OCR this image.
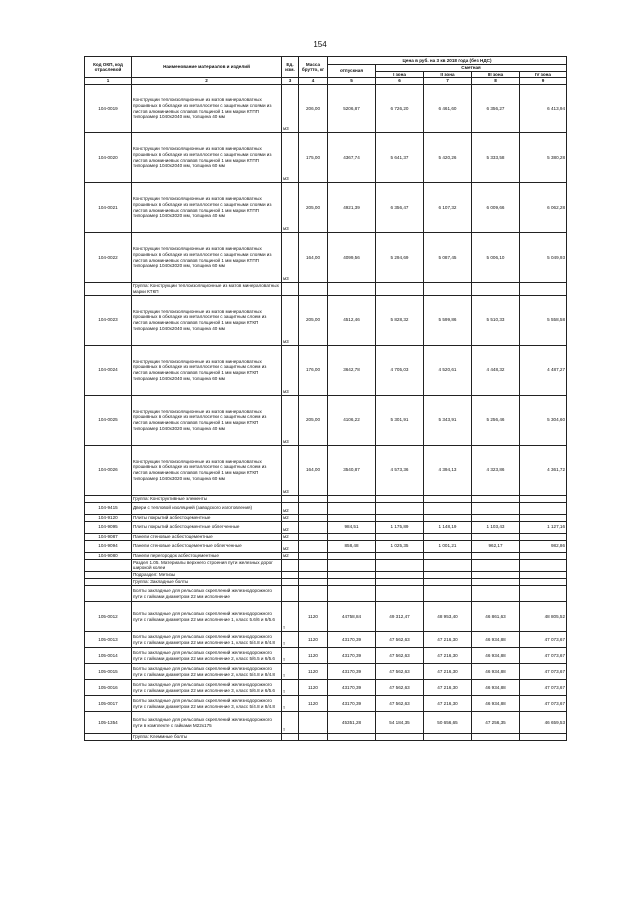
154
Код ОКП, код отраслевой	Наименование материалов и изделий	Ед. изм.	Масса брутто, кг	Цена в руб. на 3 кв 2018 года (без НДС)				
				отпускная	Сметная			
					I зона	II зона	III зона	IV зона
1	2	3	4	5	6	7	8	9
104-0019	Конструкции теплоизоляционные из матов минераловатных прошивных в обкладке из металлосетки с защитными слоями из листов алюминиевых сплавов толщиной 1 мм марки КТПП типоразмер 1040х2040 мм, толщина 40 мм	м3	206,00	5206,87	6 726,20	6 461,60	6 356,27	6 413,94
104-0020	Конструкции теплоизоляционные из матов минераловатных прошивных в обкладке из металлосетки с защитными слоями из листов алюминиевых сплавов толщиной 1 мм марки КТПП типоразмер 1040х2040 мм, толщина 60 мм	м3	175,00	4367,74	5 641,37	5 420,26	5 333,58	5 380,28
104-0021	Конструкции теплоизоляционные из матов минераловатных прошивных в обкладке из металлосетки с защитными слоями из листов алюминиевых сплавов толщиной 1 мм марки КТПП типоразмер 1040х3020 мм, толщина 40 мм	м3	205,00	4921,39	6 356,47	6 107,32	6 009,66	6 062,28
104-0022	Конструкции теплоизоляционные из матов минераловатных прошивных в обкладке из металлосетки с защитными слоями из листов алюминиевых сплавов толщиной 1 мм марки КТПП типоразмер 1040х3020 мм, толщина 60 мм	м3	164,00	4099,56	5 294,69	5 087,45	5 006,10	5 049,93
	Группа: Конструкции теплоизоляционные из матов минераловатных марки КТКП							
104-0023	Конструкции теплоизоляционные из матов минераловатных прошивных в обкладке из металлосетки с защитным слоем из листов алюминиевых сплавов толщиной 1 мм марки КТКП типоразмер 1040х2040 мм, толщина 40 мм	м3	205,00	4512,46	5 828,32	5 599,86	5 510,33	5 558,58
104-0024	Конструкции теплоизоляционные из матов минераловатных прошивных в обкладке из металлосетки с защитным слоем из листов алюминиевых сплавов толщиной 1 мм марки КТКП типоразмер 1040х2040 мм, толщина 60 мм	м3	176,00	3642,78	4 705,03	4 520,61	4 448,32	4 487,27
104-0025	Конструкции теплоизоляционные из матов минераловатных прошивных в обкладке из металлосетки с защитным слоем из листов алюминиевых сплавов толщиной 1 мм марки КТКП типоразмер 1040х3020 мм, толщина 40 мм	м3	205,00	4106,22	5 301,91	5 343,91	5 256,46	5 304,60
104-0026	Конструкции теплоизоляционные из матов минераловатных прошивных в обкладке из металлосетки с защитным слоем из листов алюминиевых сплавов толщиной 1 мм марки КТКП типоразмер 1040х3020 мм, толщина 60 мм	м3	164,00	3540,87	4 573,36	4 394,13	4 323,86	4 361,72
	Группа: Конструктивные элементы							
104-9415	Двери с тепловой изоляцией (заводского изготовления)	м2						
104-9120	Плиты покрытий асбестоцементные	м2						
104-9095	Плиты покрытий асбестоцементные облегченные	м2		984,51	1 175,89	1 148,19	1 103,43	1 127,16
104-9087	Панели стеновые асбестоцементные	м2						
104-9094	Панели стеновые асбестоцементные облегченные	м2		858,48	1 025,35	1 001,21	962,17	982,86
104-9080	Панели перегородок асбестоцементные	м2						
	Раздел 1.05. Материалы верхнего строения пути железных дорог широкой колеи							
	Подраздел: Метизы							
	Группа: Закладные болты							
	Болты закладные для рельсовых скреплений железнодорожного пути с гайками диаметром 22 мм исполнение							
105-0012	Болты закладные для рельсовых скреплений железнодорожного пути с гайками диаметром 22 мм исполнение 1, класс 5.6/6 и 6/5.6	т	1120	44758,84	49 312,47	48 953,40	46 861,63	48 805,52
105-0013	Болты закладные для рельсовых скреплений железнодорожного пути с гайками диаметром 22 мм исполнение 1, класс 5/4.8 и 8/4.8	т	1120	43170,39	47 562,63	47 216,30	46 934,88	47 073,67
105-0014	Болты закладные для рельсовых скреплений железнодорожного пути с гайками диаметром 22 мм исполнение 2, класс 5/6.5 и 6/5.6	т	1120	43170,39	47 562,63	47 216,30	46 934,88	47 073,67
105-0015	Болты закладные для рельсовых скреплений железнодорожного пути с гайками диаметром 22 мм исполнение 2, класс 5/4.8 и 8/4.8	т	1120	43170,39	47 562,63	47 216,30	46 934,88	47 073,67
105-0016	Болты закладные для рельсовых скреплений железнодорожного пути с гайками диаметром 22 мм исполнение 3, класс 5/6.8 и 6/5.6	т	1120	43170,39	47 562,63	47 216,30	46 934,88	47 073,67
105-0017	Болты закладные для рельсовых скреплений железнодорожного пути с гайками диаметром 22 мм исполнение 3, класс 5/4.8 и 8/4.8	т	1120	43170,39	47 562,63	47 216,30	46 934,88	47 073,67
105-1354	Болты закладные для рельсовых скреплений железнодорожного пути в комплекте с гайками М22х175	т		45351,28	54 184,35	50 656,65	47 256,35	46 659,53
	Группа: Клеммные болты							
